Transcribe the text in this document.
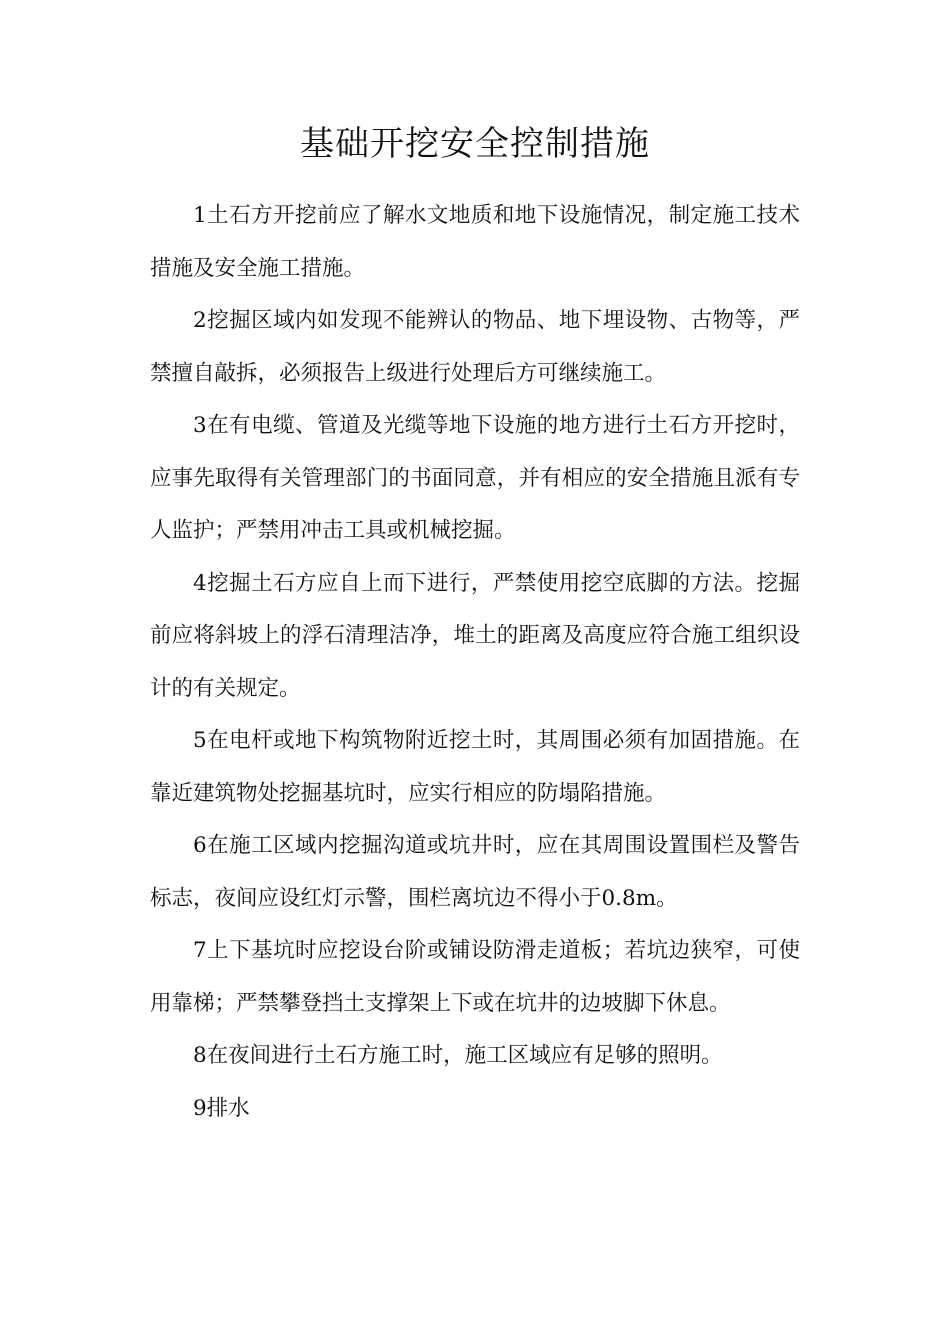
基础开挖安全控制措施

1土石方开挖前应了解水文地质和地下设施情况，制定施工技术措施及安全施工措施。

2挖掘区域内如发现不能辨认的物品、地下埋设物、古物等，严禁擅自敲拆，必须报告上级进行处理后方可继续施工。

3在有电缆、管道及光缆等地下设施的地方进行土石方开挖时，应事先取得有关管理部门的书面同意，并有相应的安全措施且派有专人监护；严禁用冲击工具或机械挖掘。

4挖掘土石方应自上而下进行，严禁使用挖空底脚的方法。挖掘前应将斜坡上的浮石清理洁净，堆土的距离及高度应符合施工组织设计的有关规定。

5在电杆或地下构筑物附近挖土时，其周围必须有加固措施。在靠近建筑物处挖掘基坑时，应实行相应的防塌陷措施。

6在施工区域内挖掘沟道或坑井时，应在其周围设置围栏及警告标志，夜间应设红灯示警，围栏离坑边不得小于0.8m。

7上下基坑时应挖设台阶或铺设防滑走道板；若坑边狭窄，可使用靠梯；严禁攀登挡土支撑架上下或在坑井的边坡脚下休息。

8在夜间进行土石方施工时，施工区域应有足够的照明。

9排水
